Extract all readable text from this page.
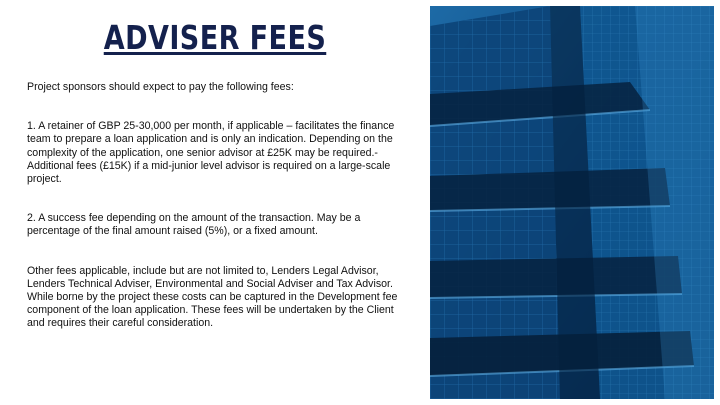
ADVISER FEES

Project sponsors should expect to pay the following fees:

1. A retainer of GBP 25-30,000 per month, if applicable – facilitates the finance team to prepare a loan application and is only an indication. Depending on the complexity of the application, one senior advisor at £25K may be required.- Additional fees (£15K) if a mid-junior level advisor is required on a large-scale project.

2. A success fee depending on the amount of the transaction. May be a percentage of the final amount raised (5%), or a fixed amount.

Other fees applicable, include but are not limited to, Lenders Legal Advisor, Lenders Technical Adviser, Environmental and Social Adviser and Tax Advisor. While borne by the project these costs can be captured in the Development fee component of the loan application. These fees will be undertaken by the Client and requires their careful consideration.
